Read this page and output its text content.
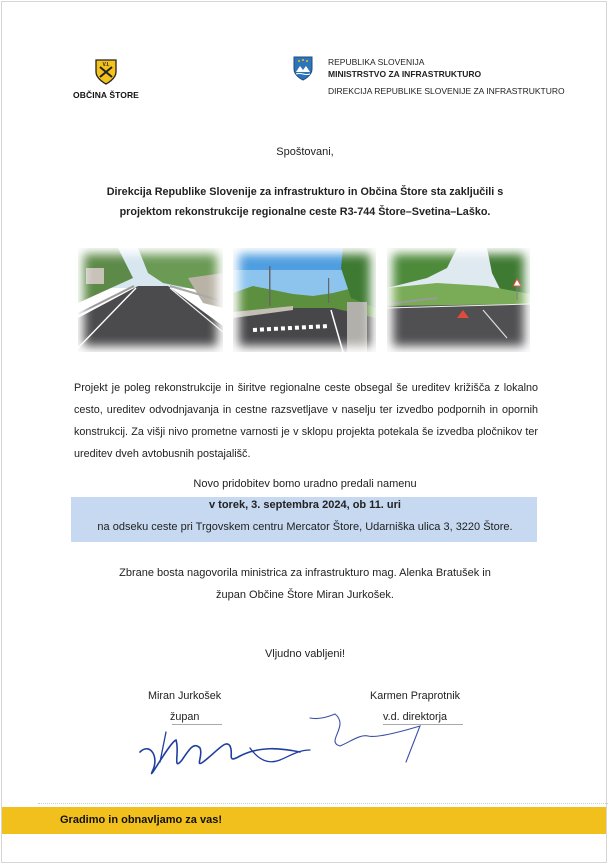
V.I.
OBČINA ŠTORE
REPUBLIKA SLOVENIJA
MINISTRSTVO ZA INFRASTRUKTURO
DIREKCIJA REPUBLIKE SLOVENIJE ZA INFRASTRUKTURO
Spoštovani,
Direkcija Republike Slovenije za infrastrukturo in Občina Štore sta zaključili s
projektom rekonstrukcije regionalne ceste R3-744 Štore–Svetina–Laško.
Projekt je poleg rekonstrukcije in širitve regionalne ceste obsegal še ureditev križišča z lokalno cesto, ureditev odvodnjavanja in cestne razsvetljave v naselju ter izvedbo podpornih in opornih konstrukcij. Za višji nivo prometne varnosti je v sklopu projekta potekala še izvedba pločnikov ter ureditev dveh avtobusnih postajališč.
Novo pridobitev bomo uradno predali namenu
v torek, 3. septembra 2024, ob 11. uri
na odseku ceste pri Trgovskem centru Mercator Štore, Udarniška ulica 3, 3220 Štore.
Zbrane bosta nagovorila ministrica za infrastrukturo mag. Alenka Bratušek in
župan Občine Štore Miran Jurkošek.
Vljudno vabljeni!
Miran Jurkošek
župan
Karmen Praprotnik
v.d. direktorja
Gradimo in obnavljamo za vas!
